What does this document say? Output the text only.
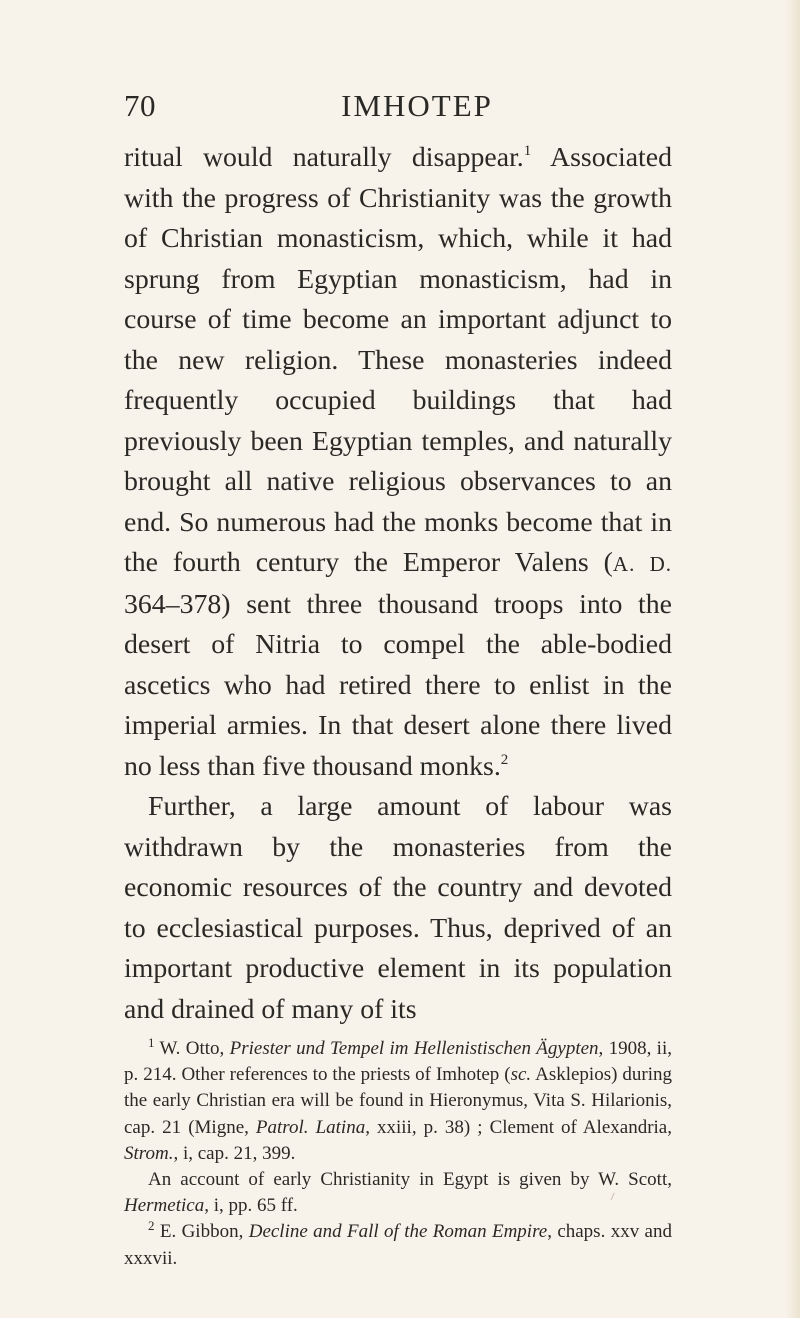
70	IMHOTEP

ritual would naturally disappear.$^1$ Associated with the progress of Christianity was the growth of Christian monasticism, which, while it had sprung from Egyptian monasticism, had in course of time become an important adjunct to the new religion. These monasteries indeed frequently occupied buildings that had previously been Egyptian temples, and naturally brought all native religious observances to an end. So numerous had the monks become that in the fourth century the Emperor Valens (A. D. 364–378) sent three thousand troops into the desert of Nitria to compel the able-bodied ascetics who had retired there to enlist in the imperial armies. In that desert alone there lived no less than five thousand monks.$^2$

Further, a large amount of labour was withdrawn by the monasteries from the economic resources of the country and devoted to ecclesiastical purposes. Thus, deprived of an important productive element in its population and drained of many of its

$^1$ W. Otto, Priester und Tempel im Hellenistischen Ägypten, 1908, ii, p. 214. Other references to the priests of Imhotep (sc. Asklepios) during the early Christian era will be found in Hieronymus, Vita S. Hilarionis, cap. 21 (Migne, Patrol. Latina, xxiii, p. 38) ; Clement of Alexandria, Strom., i, cap. 21, 399.

An account of early Christianity in Egypt is given by W. Scott, Hermetica, i, pp. 65 ff.

$^2$ E. Gibbon, Decline and Fall of the Roman Empire, chaps. xxv and xxxvii.
